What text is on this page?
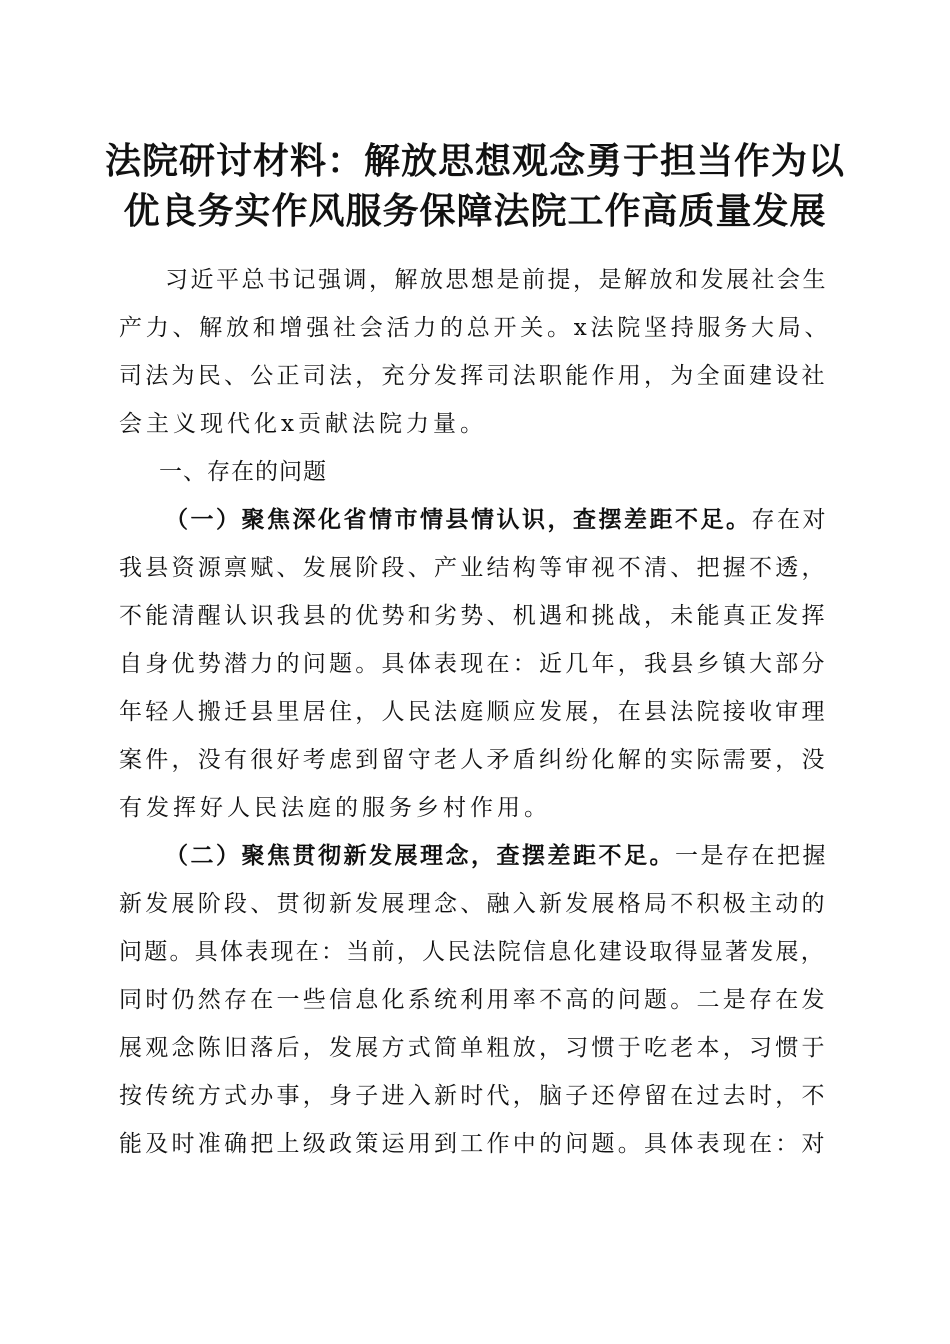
法院研讨材料：解放思想观念勇于担当作为以
优良务实作风服务保障法院工作高质量发展
习近平总书记强调，解放思想是前提，是解放和发展社会生
产力、解放和增强社会活力的总开关。x法院坚持服务大局、
司法为民、公正司法，充分发挥司法职能作用，为全面建设社
会主义现代化x贡献法院力量。
一、存在的问题
（一）聚焦深化省情市情县情认识，查摆差距不足。存在对
我县资源禀赋、发展阶段、产业结构等审视不清、把握不透，
不能清醒认识我县的优势和劣势、机遇和挑战，未能真正发挥
自身优势潜力的问题。具体表现在：近几年，我县乡镇大部分
年轻人搬迁县里居住，人民法庭顺应发展，在县法院接收审理
案件，没有很好考虑到留守老人矛盾纠纷化解的实际需要，没
有发挥好人民法庭的服务乡村作用。
（二）聚焦贯彻新发展理念，查摆差距不足。一是存在把握
新发展阶段、贯彻新发展理念、融入新发展格局不积极主动的
问题。具体表现在：当前，人民法院信息化建设取得显著发展，
同时仍然存在一些信息化系统利用率不高的问题。二是存在发
展观念陈旧落后，发展方式简单粗放，习惯于吃老本，习惯于
按传统方式办事，身子进入新时代，脑子还停留在过去时，不
能及时准确把上级政策运用到工作中的问题。具体表现在：对
